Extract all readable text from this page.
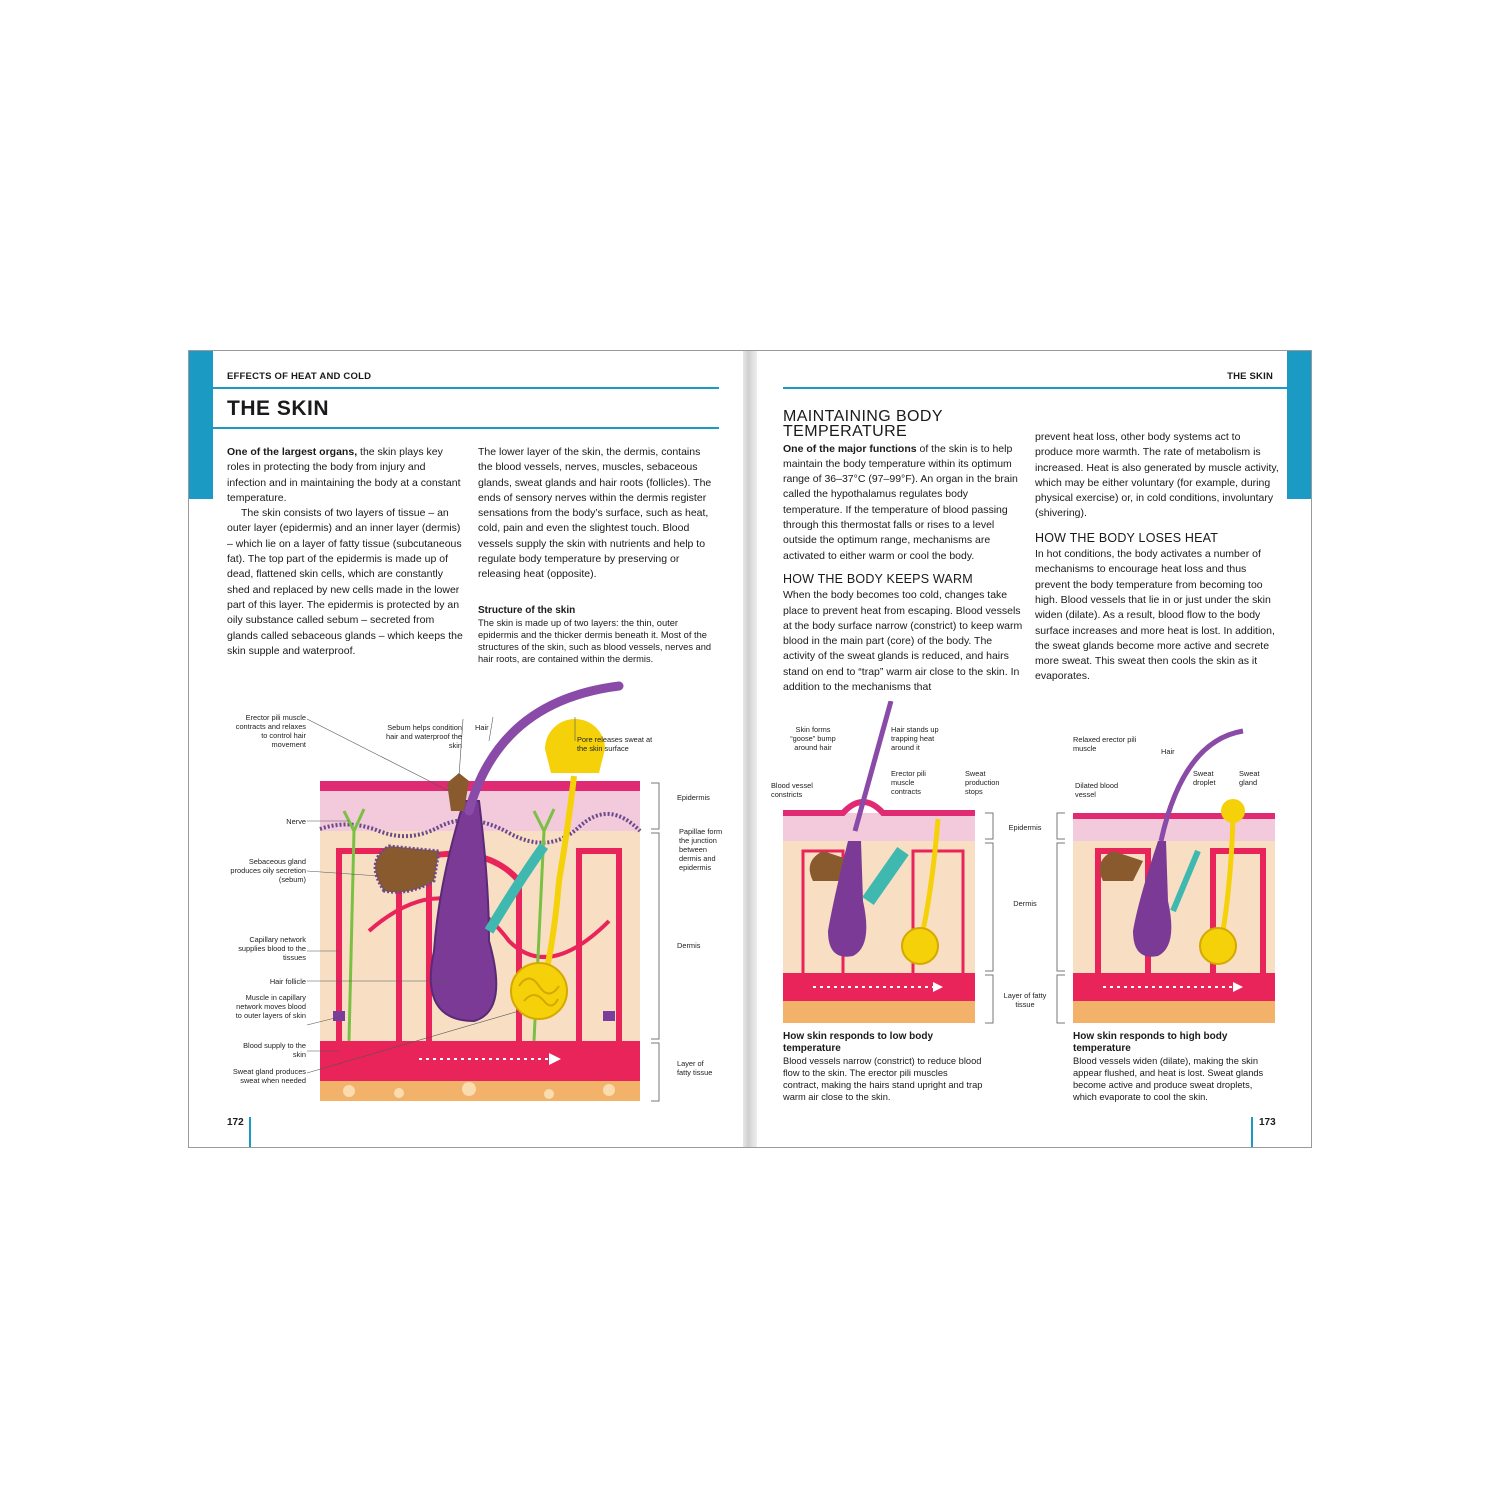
EFFECTS OF HEAT AND COLD
THE SKIN

One of the largest organs, the skin plays key roles in protecting the body from injury and infection and in maintaining the body at a constant temperature.

The skin consists of two layers of tissue – an outer layer (epidermis) and an inner layer (dermis) – which lie on a layer of fatty tissue (subcutaneous fat). The top part of the epidermis is made up of dead, flattened skin cells, which are constantly shed and replaced by new cells made in the lower part of this layer. The epidermis is protected by an oily substance called sebum – secreted from glands called sebaceous glands – which keeps the skin supple and waterproof.

The lower layer of the skin, the dermis, contains the blood vessels, nerves, muscles, sebaceous glands, sweat glands and hair roots (follicles). The ends of sensory nerves within the dermis register sensations from the body’s surface, such as heat, cold, pain and even the slightest touch. Blood vessels supply the skin with nutrients and help to regulate body temperature by preserving or releasing heat (opposite).

Structure of the skin
The skin is made up of two layers: the thin, outer epidermis and the thicker dermis beneath it. Most of the structures of the skin, such as blood vessels, nerves and hair roots, are contained within the dermis.
Erector pili muscle contracts and relaxes to control hair movement
Sebum helps condition hair and waterproof the skin
Hair
Pore releases sweat at the skin surface
Nerve
Sebaceous gland produces oily secretion (sebum)
Capillary network supplies blood to the tissues
Hair follicle
Muscle in capillary network moves blood to outer layers of skin
Blood supply to the skin
Sweat gland produces sweat when needed
Epidermis
Papillae form the junction between dermis and epidermis
Dermis
Layer of fatty tissue
172
THE SKIN
MAINTAINING BODY TEMPERATURE

One of the major functions of the skin is to help maintain the body temperature within its optimum range of 36–37°C (97–99°F). An organ in the brain called the hypothalamus regulates body temperature. If the temperature of blood passing through this thermostat falls or rises to a level outside the optimum range, mechanisms are activated to either warm or cool the body.

HOW THE BODY KEEPS WARM

When the body becomes too cold, changes take place to prevent heat from escaping. Blood vessels at the body surface narrow (constrict) to keep warm blood in the main part (core) of the body. The activity of the sweat glands is reduced, and hairs stand on end to “trap” warm air close to the skin. In addition to the mechanisms that

prevent heat loss, other body systems act to produce more warmth. The rate of metabolism is increased. Heat is also generated by muscle activity, which may be either voluntary (for example, during physical exercise) or, in cold conditions, involuntary (shivering).

HOW THE BODY LOSES HEAT

In hot conditions, the body activates a number of mechanisms to encourage heat loss and thus prevent the body temperature from becoming too high. Blood vessels that lie in or just under the skin widen (dilate). As a result, blood flow to the body surface increases and more heat is lost. In addition, the sweat glands become more active and secrete more sweat. This sweat then cools the skin as it evaporates.

Skin forms “goose” bump around hair
Hair stands up trapping heat around it
Blood vessel constricts
Erector pili muscle contracts
Sweat production stops
Epidermis
Dermis
Layer of fatty tissue
Relaxed erector pili muscle	Hair
Sweat droplet
Sweat gland
Dilated blood vessel
How skin responds to low body temperature
Blood vessels narrow (constrict) to reduce blood flow to the skin. The erector pili muscles contract, making the hairs stand upright and trap warm air close to the skin.
How skin responds to high body temperature
Blood vessels widen (dilate), making the skin appear flushed, and heat is lost. Sweat glands become active and produce sweat droplets, which evaporate to cool the skin.
173
